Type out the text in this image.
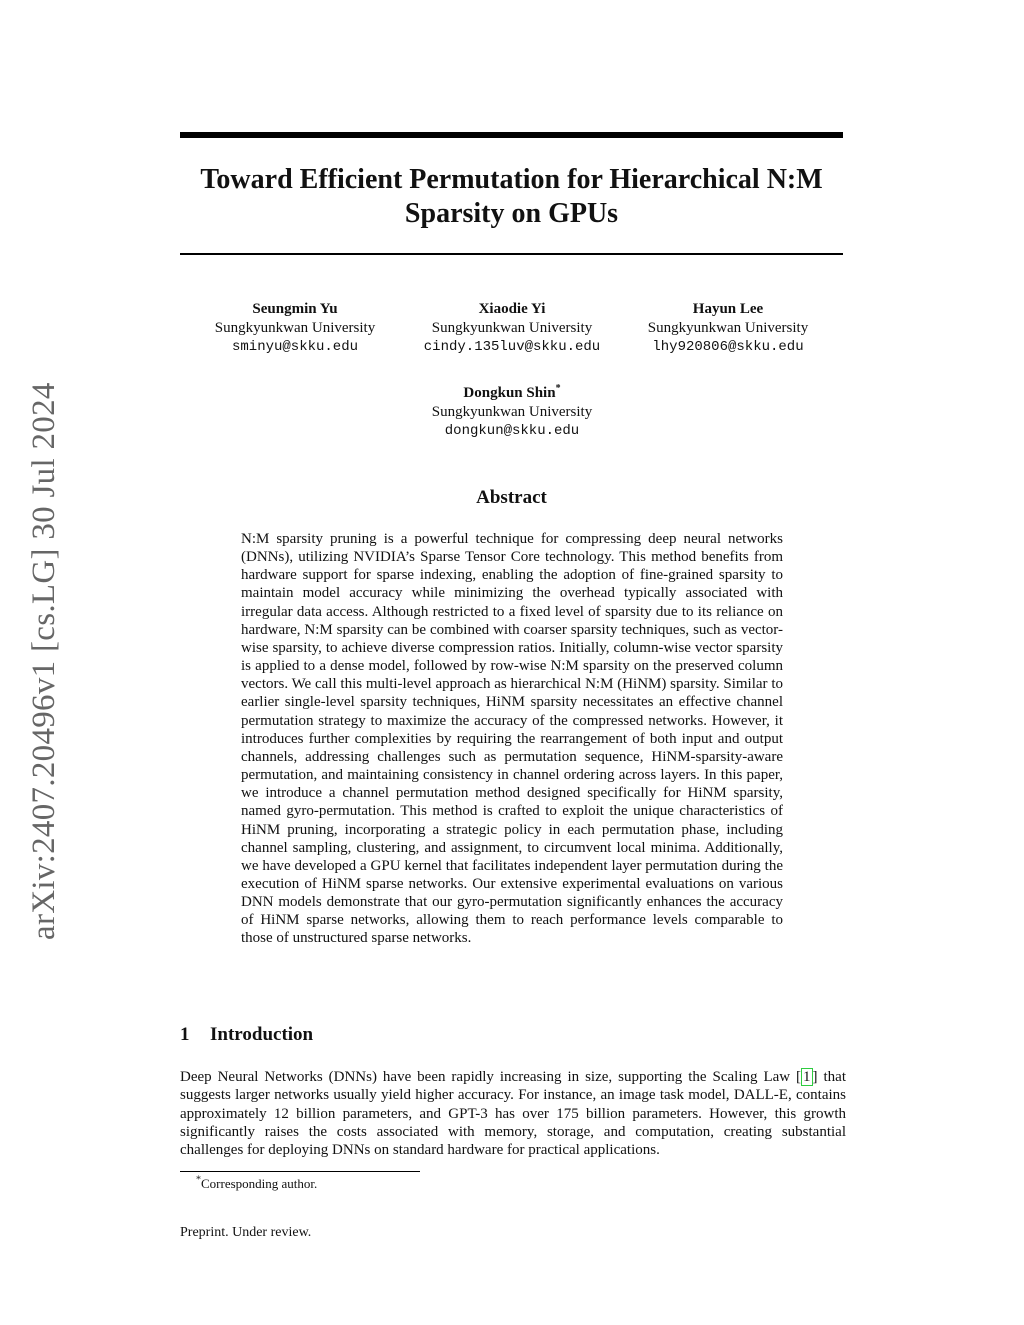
arXiv:2407.20496v1 [cs.LG] 30 Jul 2024
Toward Efficient Permutation for Hierarchical N:M
Sparsity on GPUs
Seungmin Yu
Sungkyunkwan University
sminyu@skku.edu
Xiaodie Yi
Sungkyunkwan University
cindy.135luv@skku.edu
Hayun Lee
Sungkyunkwan University
lhy920806@skku.edu
Dongkun Shin*
Sungkyunkwan University
dongkun@skku.edu
Abstract
N:M sparsity pruning is a powerful technique for compressing deep neural networks (DNNs), utilizing NVIDIA’s Sparse Tensor Core technology. This method benefits from hardware support for sparse indexing, enabling the adoption of fine-grained sparsity to maintain model accuracy while minimizing the overhead typically associated with irregular data access. Although restricted to a fixed level of sparsity due to its reliance on hardware, N:M sparsity can be combined with coarser sparsity techniques, such as vector-wise sparsity, to achieve diverse compression ratios. Initially, column-wise vector sparsity is applied to a dense model, followed by row-wise N:M sparsity on the preserved column vectors. We call this multi-level approach as hierarchical N:M (HiNM) sparsity. Similar to earlier single-level sparsity techniques, HiNM sparsity necessitates an effective channel permutation strategy to maximize the accuracy of the compressed networks. However, it introduces further complexities by requiring the rearrangement of both input and output channels, addressing challenges such as permutation sequence, HiNM-sparsity-aware permutation, and maintaining consistency in channel ordering across layers. In this paper, we introduce a channel permutation method designed specifically for HiNM sparsity, named gyro-permutation. This method is crafted to exploit the unique characteristics of HiNM pruning, incorporating a strategic policy in each permutation phase, including channel sampling, clustering, and assignment, to circumvent local minima. Additionally, we have developed a GPU kernel that facilitates independent layer permutation during the execution of HiNM sparse networks. Our extensive experimental evaluations on various DNN models demonstrate that our gyro-permutation significantly enhances the accuracy of HiNM sparse networks, allowing them to reach performance levels comparable to those of unstructured sparse networks.
1 Introduction
Deep Neural Networks (DNNs) have been rapidly increasing in size, supporting the Scaling Law [ 1 ] that suggests larger networks usually yield higher accuracy. For instance, an image task model, DALL-E, contains approximately 12 billion parameters, and GPT-3 has over 175 billion parameters. However, this growth significantly raises the costs associated with memory, storage, and computation, creating substantial challenges for deploying DNNs on standard hardware for practical applications.
*Corresponding author.
Preprint. Under review.
